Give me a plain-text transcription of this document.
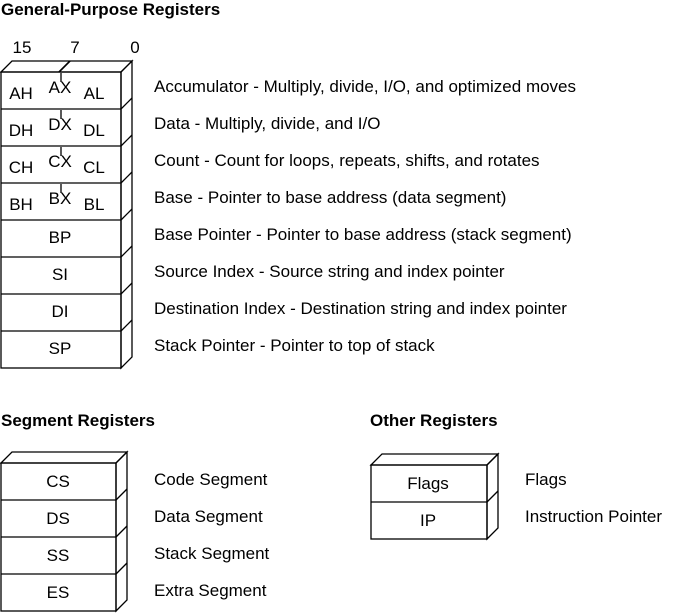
General-Purpose Registers
15 7	0
Segment Registers	Other Registers
AH AX AL	Accumulator - Multiply, divide, I/O, and optimized moves
DH DX DL	Data - Multiply, divide, and I/O
CH CX CL	Count - Count for loops, repeats, shifts, and rotates
BH BX BL	Base - Pointer to base address (data segment)
BP	Base Pointer - Pointer to base address (stack segment)
SI	Source Index - Source string and index pointer
DI	Destination Index - Destination string and index pointer
SP	Stack Pointer - Pointer to top of stack
CS	Code Segment
DS	Data Segment
SS	Stack Segment
ES	Extra Segment
Flags	Flags
IP	Instruction Pointer
